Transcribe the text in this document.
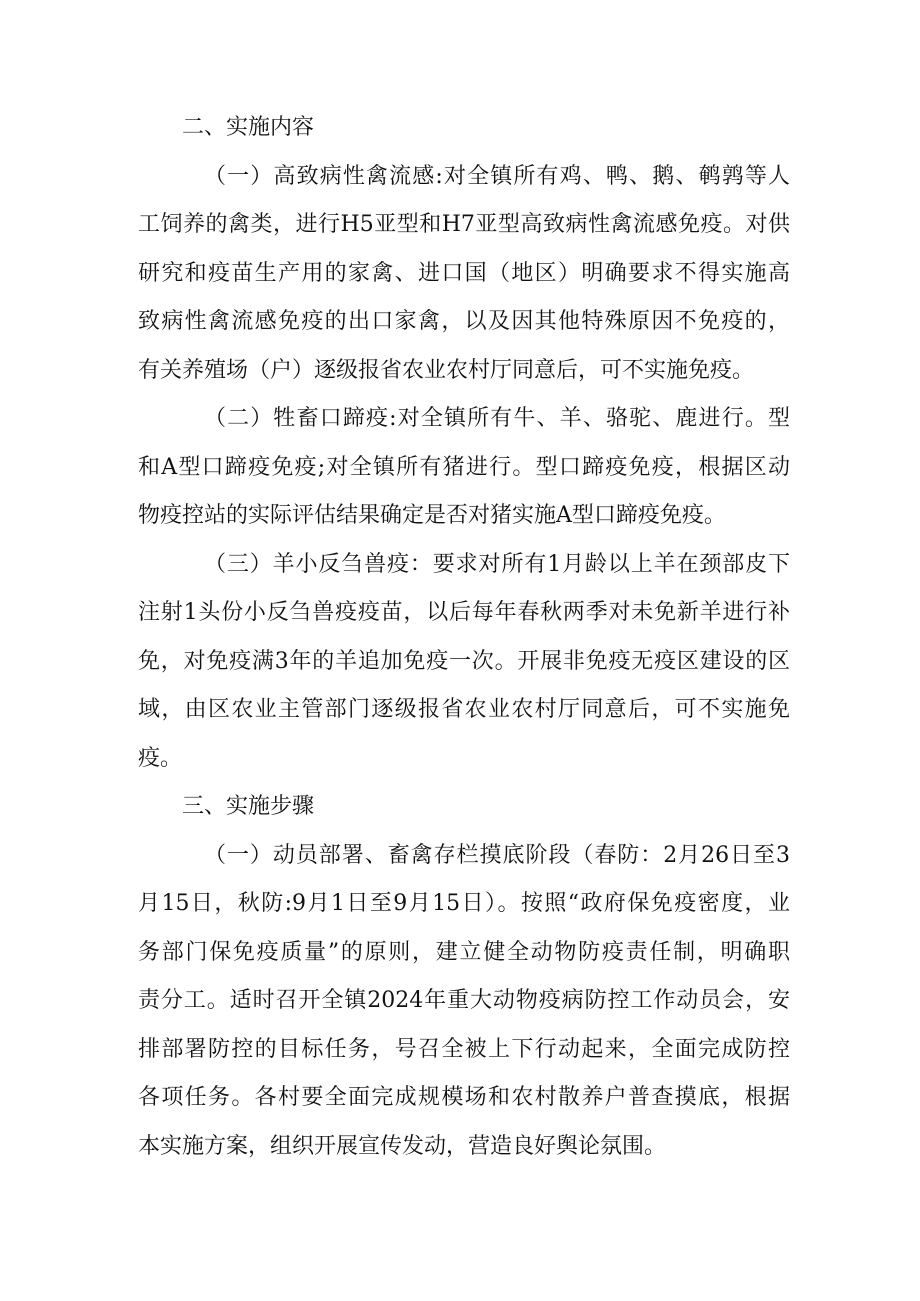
二、实施内容
（一）高致病性禽流感:对全镇所有鸡、鸭、鹅、鹌鹑等人
工饲养的禽类，进行H5亚型和H7亚型高致病性禽流感免疫。对供
研究和疫苗生产用的家禽、进口国（地区）明确要求不得实施高
致病性禽流感免疫的出口家禽，以及因其他特殊原因不免疫的，
有关养殖场（户）逐级报省农业农村厅同意后，可不实施免疫。
（二）牲畜口蹄疫:对全镇所有牛、羊、骆驼、鹿进行。型
和A型口蹄疫免疫;对全镇所有猪进行。型口蹄疫免疫，根据区动
物疫控站的实际评估结果确定是否对猪实施A型口蹄疫免疫。
（三）羊小反刍兽疫：要求对所有1月龄以上羊在颈部皮下
注射1头份小反刍兽疫疫苗，以后每年春秋两季对未免新羊进行补
免，对免疫满3年的羊追加免疫一次。开展非免疫无疫区建设的区
域，由区农业主管部门逐级报省农业农村厅同意后，可不实施免
疫。
三、实施步骤
（一）动员部署、畜禽存栏摸底阶段（春防：2月26日至3
月15日，秋防:9月1日至9月15日）。按照“政府保免疫密度，业
务部门保免疫质量”的原则，建立健全动物防疫责任制，明确职
责分工。适时召开全镇2024年重大动物疫病防控工作动员会，安
排部署防控的目标任务，号召全被上下行动起来，全面完成防控
各项任务。各村要全面完成规模场和农村散养户普查摸底，根据
本实施方案，组织开展宣传发动，营造良好舆论氛围。
